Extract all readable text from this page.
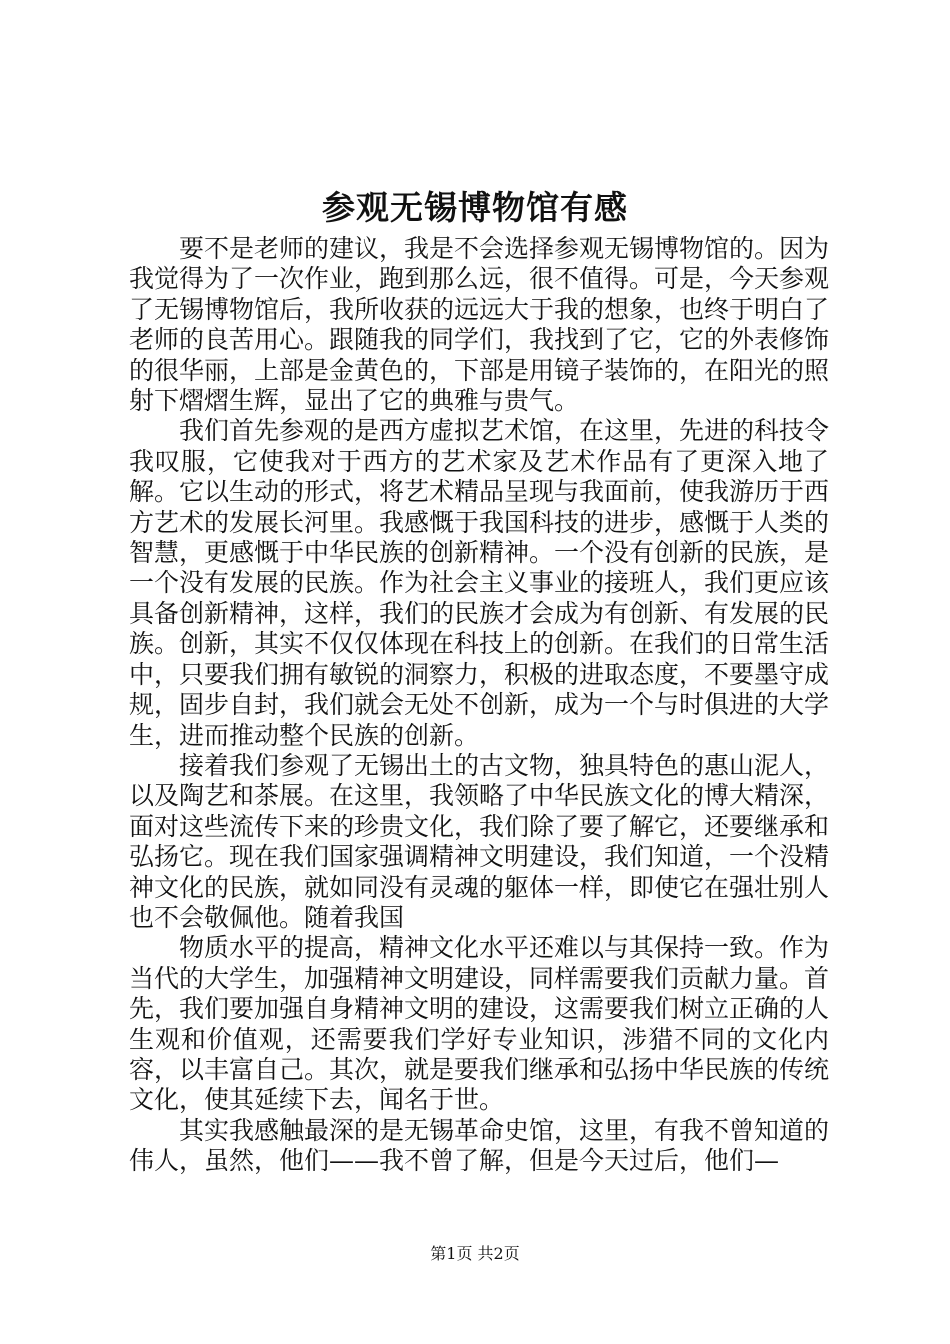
参观无锡博物馆有感

要不是老师的建议，我是不会选择参观无锡博物馆的。因为我觉得为了一次作业，跑到那么远，很不值得。可是，今天参观了无锡博物馆后，我所收获的远远大于我的想象，也终于明白了老师的良苦用心。跟随我的同学们，我找到了它，它的外表修饰的很华丽，上部是金黄色的，下部是用镜子装饰的，在阳光的照射下熠熠生辉，显出了它的典雅与贵气。

我们首先参观的是西方虚拟艺术馆，在这里，先进的科技令我叹服，它使我对于西方的艺术家及艺术作品有了更深入地了解。它以生动的形式，将艺术精品呈现与我面前，使我游历于西方艺术的发展长河里。我感慨于我国科技的进步，感慨于人类的智慧，更感慨于中华民族的创新精神。一个没有创新的民族，是一个没有发展的民族。作为社会主义事业的接班人，我们更应该具备创新精神，这样，我们的民族才会成为有创新、有发展的民族。创新，其实不仅仅体现在科技上的创新。在我们的日常生活中，只要我们拥有敏锐的洞察力，积极的进取态度，不要墨守成规，固步自封，我们就会无处不创新，成为一个与时俱进的大学生，进而推动整个民族的创新。

接着我们参观了无锡出土的古文物，独具特色的惠山泥人，以及陶艺和茶展。在这里，我领略了中华民族文化的博大精深，面对这些流传下来的珍贵文化，我们除了要了解它，还要继承和弘扬它。现在我们国家强调精神文明建设，我们知道，一个没精神文化的民族，就如同没有灵魂的躯体一样，即使它在强壮别人也不会敬佩他。随着我国

物质水平的提高，精神文化水平还难以与其保持一致。作为当代的大学生，加强精神文明建设，同样需要我们贡献力量。首先，我们要加强自身精神文明的建设，这需要我们树立正确的人生观和价值观，还需要我们学好专业知识，涉猎不同的文化内容，以丰富自己。其次，就是要我们继承和弘扬中华民族的传统文化，使其延续下去，闻名于世。

其实我感触最深的是无锡革命史馆，这里，有我不曾知道的伟人，虽然，他们——我不曾了解，但是今天过后，他们—

第1页 共2页
